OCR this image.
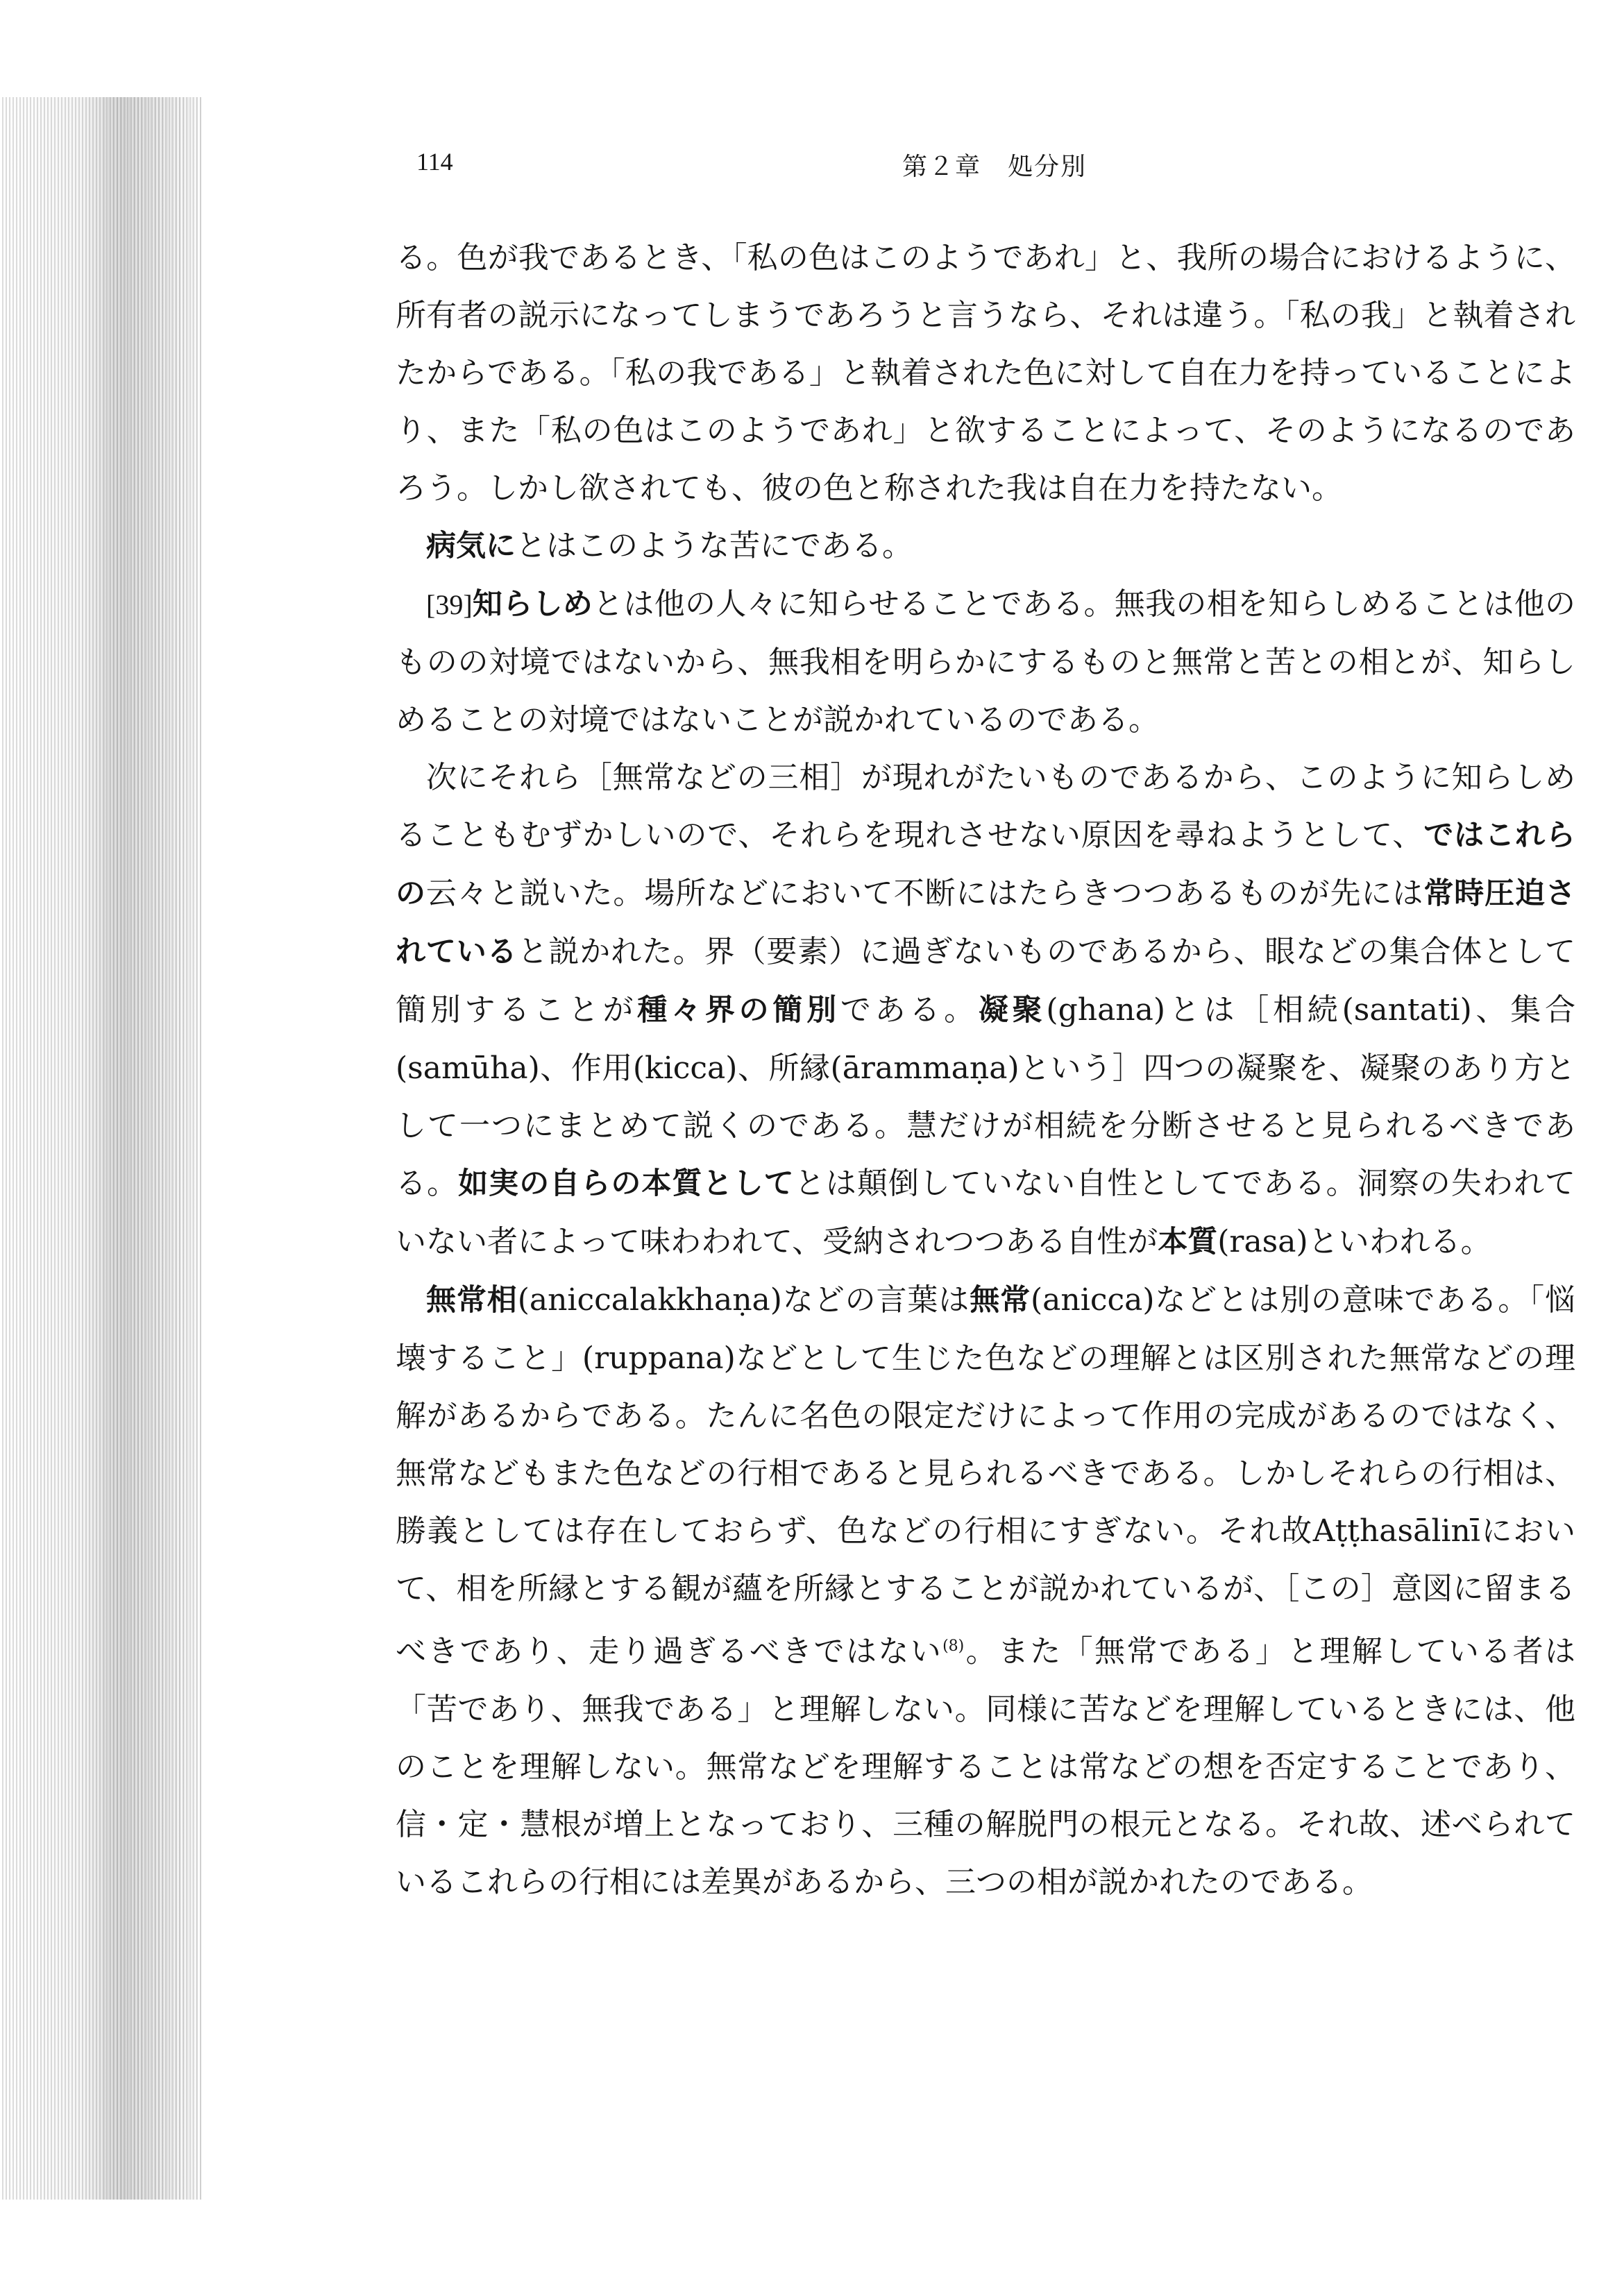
114	第２章　処分別

る。色が我であるとき、「私の色はこのようであれ」と、我所の場合におけるように、所有者の説示になってしまうであろうと言うなら、それは違う。「私の我」と執着されたからである。「私の我である」と執着された色に対して自在力を持っていることにより、また「私の色はこのようであれ」と欲することによって、そのようになるのであろう。しかし欲されても、彼の色と称された我は自在力を持たない。

病気にとはこのような苦にである。

[39]知らしめとは他の人々に知らせることである。無我の相を知らしめることは他のものの対境ではないから、無我相を明らかにするものと無常と苦との相とが、知らしめることの対境ではないことが説かれているのである。

次にそれら［無常などの三相］が現れがたいものであるから、このように知らしめることもむずかしいので、それらを現れさせない原因を尋ねようとして、ではこれらの云々と説いた。場所などにおいて不断にはたらきつつあるものが先には常時圧迫されていると説かれた。界（要素）に過ぎないものであるから、眼などの集合体として簡別することが種々界の簡別である。凝聚(ghana)とは［相続(santati)、集合(samūha)、作用(kicca)、所縁(ārammaṇa)という］四つの凝聚を、凝聚のあり方として一つにまとめて説くのである。慧だけが相続を分断させると見られるべきである。如実の自らの本質としてとは顛倒していない自性としてである。洞察の失われていない者によって味わわれて、受納されつつある自性が本質(rasa)といわれる。

無常相(aniccalakkhaṇa)などの言葉は無常(anicca)などとは別の意味である。「悩壊すること」(ruppana)などとして生じた色などの理解とは区別された無常などの理解があるからである。たんに名色の限定だけによって作用の完成があるのではなく、無常などもまた色などの行相であると見られるべきである。しかしそれらの行相は、勝義としては存在しておらず、色などの行相にすぎない。それ故Aṭṭhasālinīにおいて、相を所縁とする観が蘊を所縁とすることが説かれているが、［この］意図に留まるべきであり、走り過ぎるべきではない$^{(8)}$。また「無常である」と理解している者は「苦であり、無我である」と理解しない。同様に苦などを理解しているときには、他のことを理解しない。無常などを理解することは常などの想を否定することであり、信・定・慧根が増上となっており、三種の解脱門の根元となる。それ故、述べられているこれらの行相には差異があるから、三つの相が説かれたのである。
